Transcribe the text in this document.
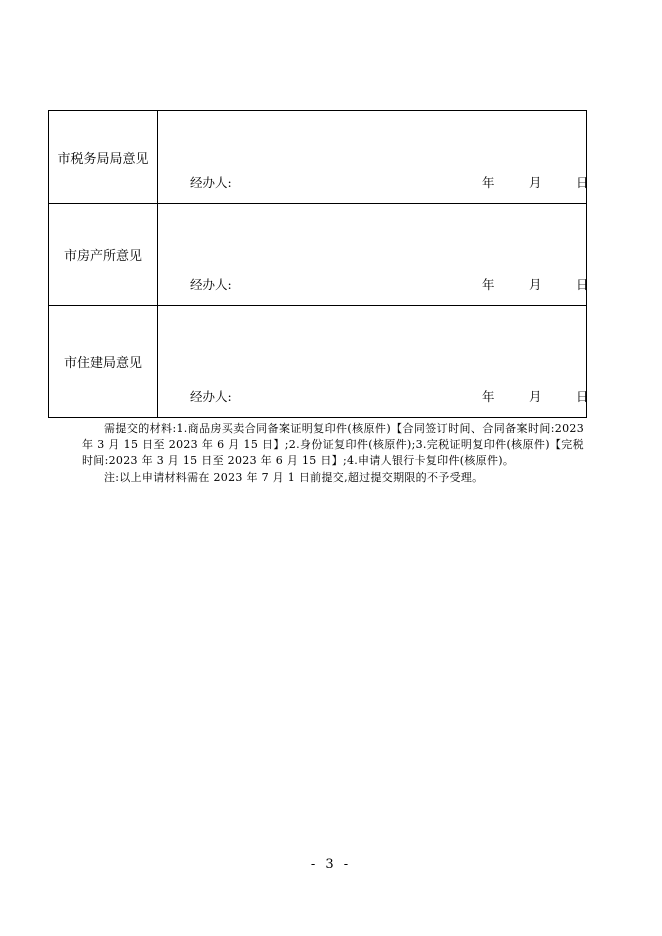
市税务局局意见	经办人: 年 月 日

市房产所意见	经办人: 年 月 日

市住建局意见	经办人: 年 月 日

需提交的材料:1.商品房买卖合同备案证明复印件(核原件)【合同签订时间、合同备案时间:2023 年 3 月 15 日至 2023 年 6 月 15 日】;2.身份证复印件(核原件);3.完税证明复印件(核原件)【完税时间:2023 年 3 月 15 日至 2023 年 6 月 15 日】;4.申请人银行卡复印件(核原件)。

注:以上申请材料需在 2023 年 7 月 1 日前提交,超过提交期限的不予受理。

- 3 -
